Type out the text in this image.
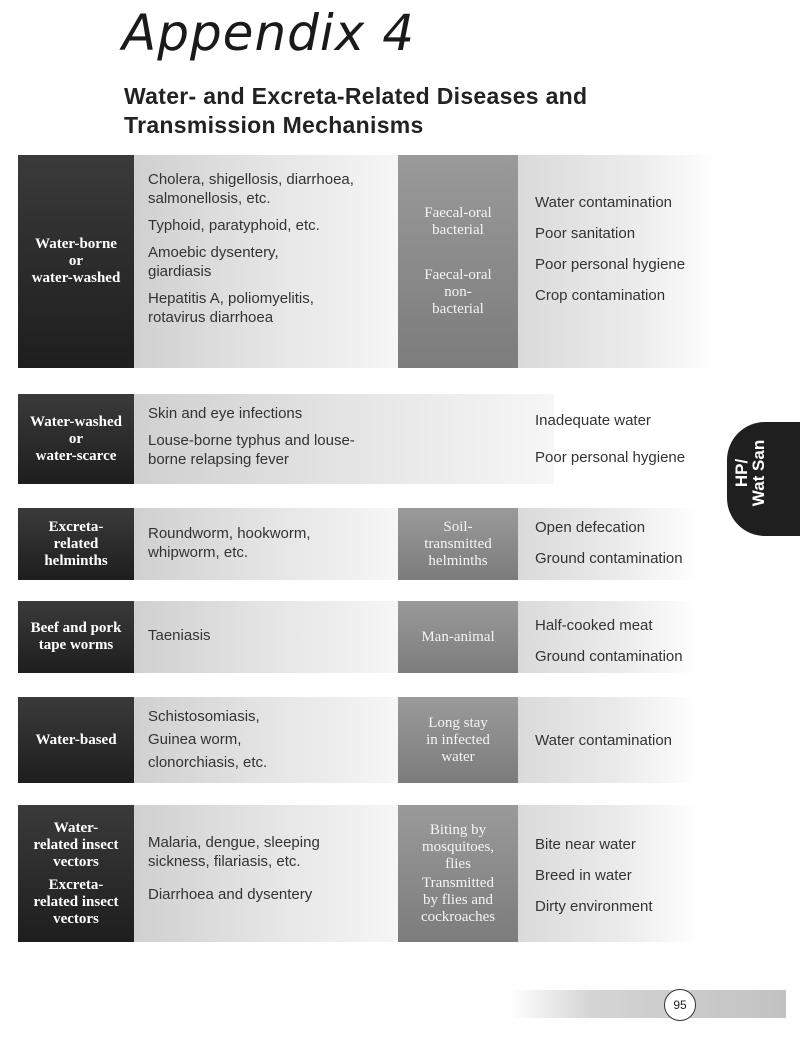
Appendix 4
Water- and Excreta-Related Diseases and
Transmission Mechanisms
Water-borne
or
water-washed
Cholera, shigellosis, diarrhoea, salmonellosis, etc.
Typhoid, paratyphoid, etc.
Amoebic dysentery, giardiasis
Hepatitis A, poliomyelitis, rotavirus diarrhoea
Faecal-oral
bacterial
Faecal-oral
non-
bacterial
Water contamination
Poor sanitation
Poor personal hygiene
Crop contamination
Water-washed
or
water-scarce
Skin and eye infections
Louse-borne typhus and louse-borne relapsing fever
Inadequate water
Poor personal hygiene
Excreta-
related
helminths
Roundworm, hookworm, whipworm, etc.
Soil-
transmitted
helminths
Open defecation
Ground contamination
Beef and pork
tape worms
Taeniasis	Man-animal
Half-cooked meat
Ground contamination
Water-based
Schistosomiasis,
Guinea worm,
clonorchiasis, etc.
Long stay
in infected
water
Water contamination
Water-
related insect
vectors
Excreta-
related insect
vectors
Malaria, dengue, sleeping sickness, filariasis, etc.
Diarrhoea and dysentery
Biting by
mosquitoes,
flies
Transmitted
by flies and
cockroaches
Bite near water
Breed in water
Dirty environment
HP/
Wat San
95
